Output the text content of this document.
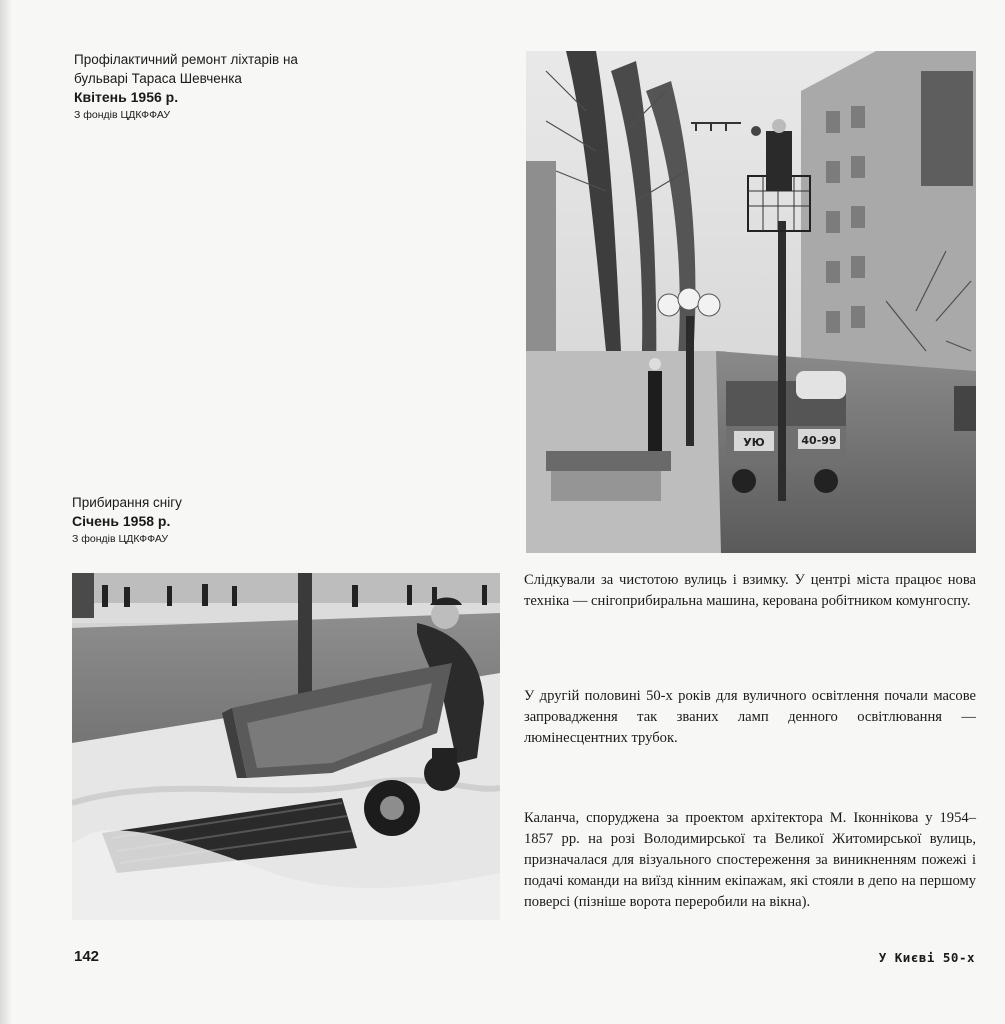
Профілактичний ремонт ліхтарів на бульварі Тараса Шевченка
Квітень 1956 р.
З фондів ЦДКФФАУ
УЮ	40-99
Прибирання снігу
Січень 1958 р.
З фондів ЦДКФФАУ

Слідкували за чистотою вулиць і взимку. У центрі міста працює нова техніка — снігоприбиральна машина, керована робітником комунгоспу.

У другій половині 50-х років для вуличного освітлення почали масове запровадження так званих ламп денного освітлювання — люмінесцентних трубок.

Каланча, споруджена за проектом архітектора М. Іконнікова у 1954–1857 рр. на розі Володимирської та Великої Житомирської вулиць, призначалася для візуального спостереження за виникненням пожежі і подачі команди на виїзд кінним екіпажам, які стояли в депо на першому поверсі (пізніше ворота переробили на вікна).

142	У Києві 50-х
